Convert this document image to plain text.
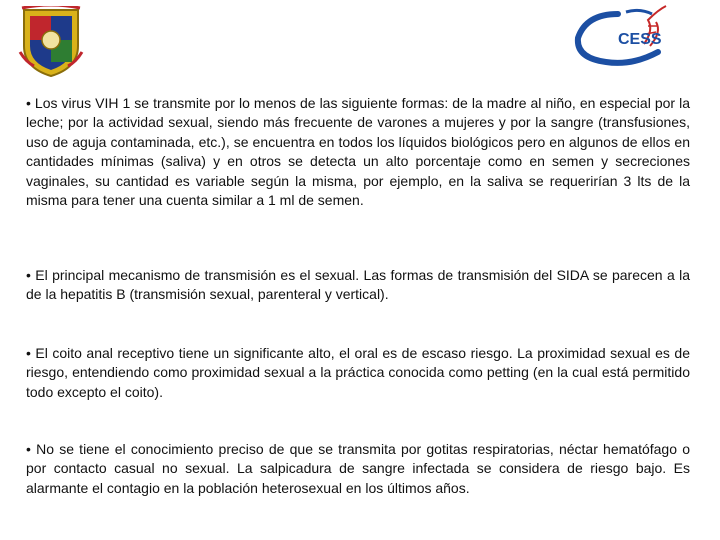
CESS

• Los virus VIH 1 se transmite por lo menos de las siguiente formas: de la madre al niño, en especial por la leche; por la actividad sexual, siendo más frecuente de varones a mujeres y por la sangre (transfusiones, uso de aguja contaminada, etc.), se encuentra en todos los líquidos biológicos pero en algunos de ellos en cantidades mínimas (saliva) y en otros se detecta un alto porcentaje como en semen y secreciones vaginales, su cantidad es variable según la misma, por ejemplo, en la saliva se requerirían 3 lts de la misma para tener una cuenta similar a 1 ml de semen.

• El principal mecanismo de transmisión es el sexual. Las formas de transmisión del SIDA se parecen a la de la hepatitis B (transmisión sexual, parenteral y vertical).

• El coito anal receptivo tiene un significante alto, el oral es de escaso riesgo. La proximidad sexual es de riesgo, entendiendo como proximidad sexual a la práctica conocida como petting (en la cual está permitido todo excepto el coito).

• No se tiene el conocimiento preciso de que se transmita por gotitas respiratorias, néctar hematófago o por contacto casual no sexual. La salpicadura de sangre infectada se considera de riesgo bajo. Es alarmante el contagio en la población heterosexual en los últimos años.
